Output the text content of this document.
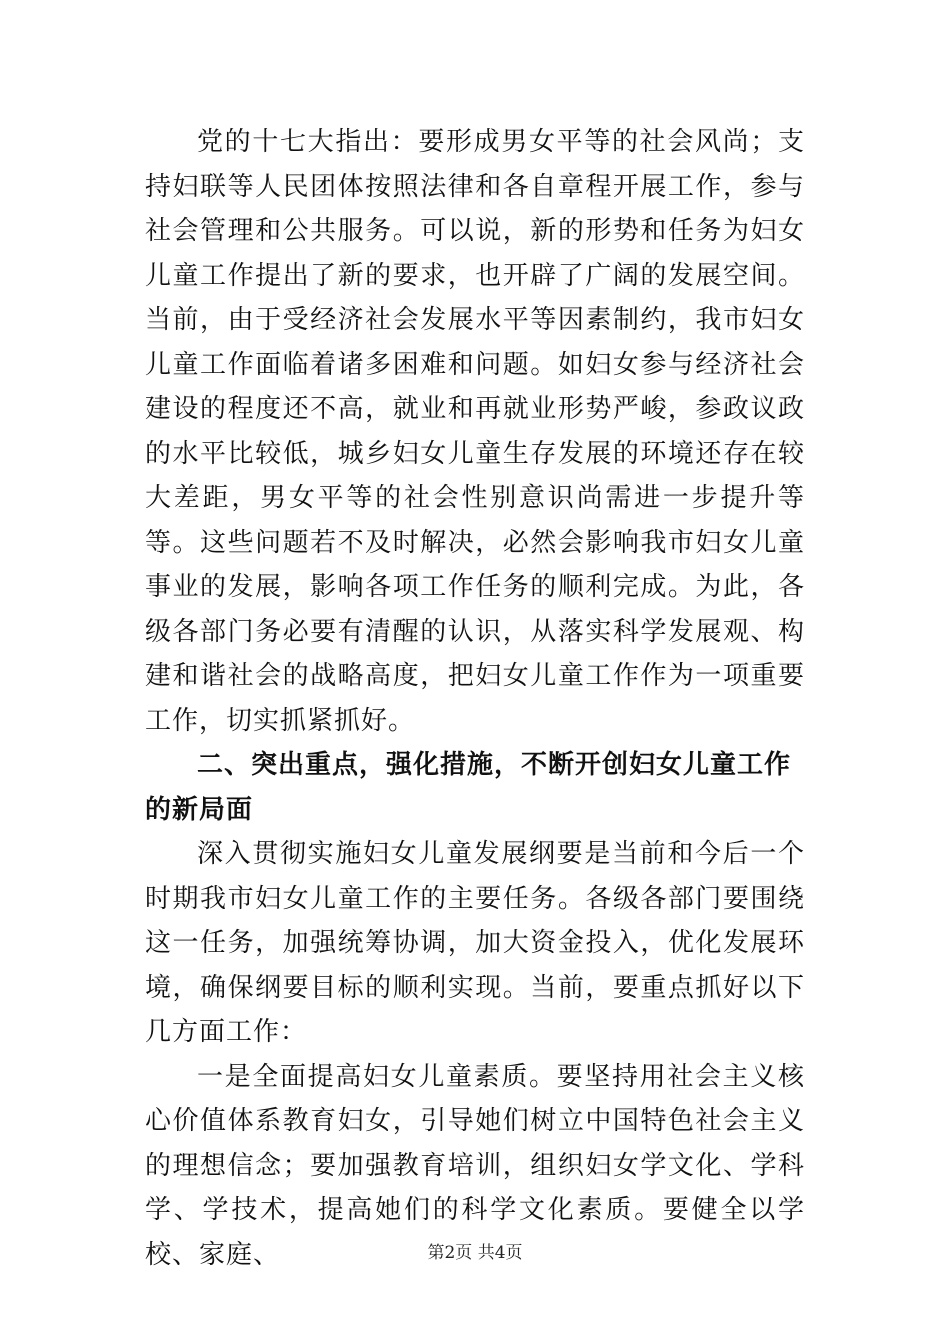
党的十七大指出：要形成男女平等的社会风尚；支持妇联等人民团体按照法律和各自章程开展工作，参与社会管理和公共服务。可以说，新的形势和任务为妇女儿童工作提出了新的要求，也开辟了广阔的发展空间。当前，由于受经济社会发展水平等因素制约，我市妇女儿童工作面临着诸多困难和问题。如妇女参与经济社会建设的程度还不高，就业和再就业形势严峻，参政议政的水平比较低，城乡妇女儿童生存发展的环境还存在较大差距，男女平等的社会性别意识尚需进一步提升等等。这些问题若不及时解决，必然会影响我市妇女儿童事业的发展，影响各项工作任务的顺利完成。为此，各级各部门务必要有清醒的认识，从落实科学发展观、构建和谐社会的战略高度，把妇女儿童工作作为一项重要工作，切实抓紧抓好。

二、突出重点，强化措施，不断开创妇女儿童工作的新局面

深入贯彻实施妇女儿童发展纲要是当前和今后一个时期我市妇女儿童工作的主要任务。各级各部门要围绕这一任务，加强统筹协调，加大资金投入，优化发展环境，确保纲要目标的顺利实现。当前，要重点抓好以下几方面工作：

一是全面提高妇女儿童素质。要坚持用社会主义核心价值体系教育妇女，引导她们树立中国特色社会主义的理想信念；要加强教育培训，组织妇女学文化、学科学、学技术，提高她们的科学文化素质。要健全以学校、家庭、	第2页 共4页
